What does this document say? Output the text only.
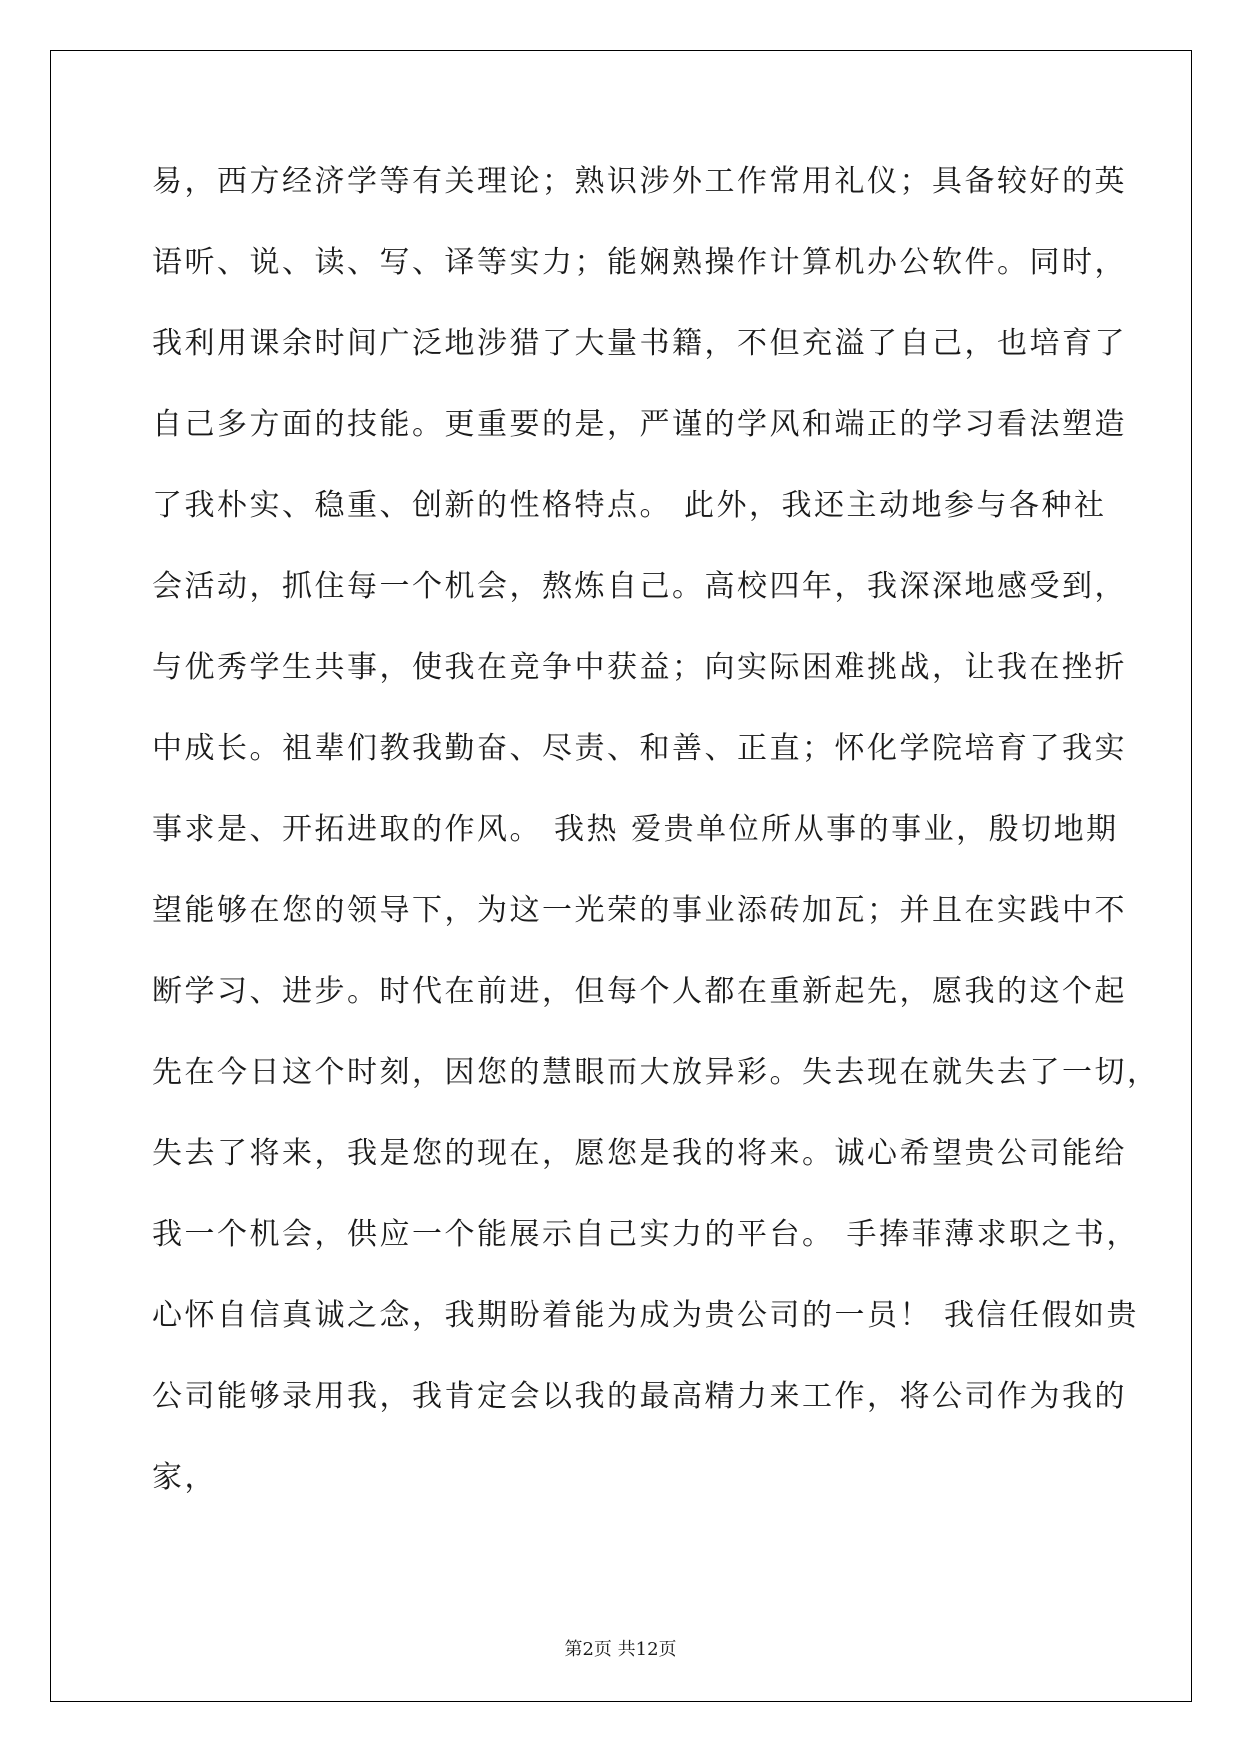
易，西方经济学等有关理论；熟识涉外工作常用礼仪；具备较好的英
语听、说、读、写、译等实力；能娴熟操作计算机办公软件。同时，
我利用课余时间广泛地涉猎了大量书籍，不但充溢了自己，也培育了
自己多方面的技能。更重要的是，严谨的学风和端正的学习看法塑造
了我朴实、稳重、创新的性格特点。 此外，我还主动地参与各种社
会活动，抓住每一个机会，熬炼自己。高校四年，我深深地感受到，
与优秀学生共事，使我在竞争中获益；向实际困难挑战，让我在挫折
中成长。祖辈们教我勤奋、尽责、和善、正直；怀化学院培育了我实
事求是、开拓进取的作风。 我热 爱贵单位所从事的事业，殷切地期
望能够在您的领导下，为这一光荣的事业添砖加瓦；并且在实践中不
断学习、进步。时代在前进，但每个人都在重新起先，愿我的这个起
先在今日这个时刻，因您的慧眼而大放异彩。失去现在就失去了一切，
失去了将来，我是您的现在，愿您是我的将来。诚心希望贵公司能给
我一个机会，供应一个能展示自己实力的平台。 手捧菲薄求职之书，
心怀自信真诚之念，我期盼着能为成为贵公司的一员！ 我信任假如贵
公司能够录用我，我肯定会以我的最高精力来工作，将公司作为我的
家，
第2页 共12页
